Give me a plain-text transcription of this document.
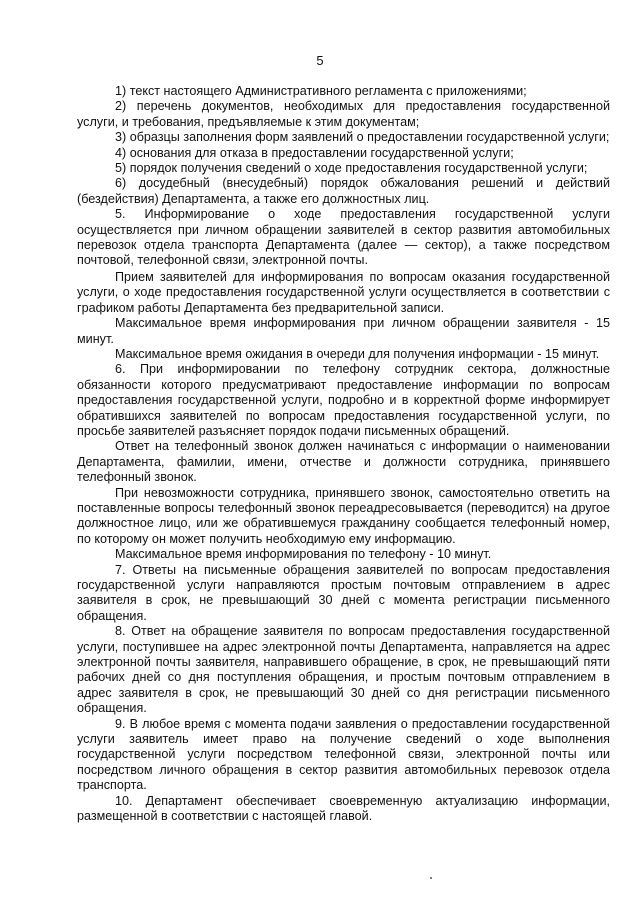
5

1) текст настоящего Административного регламента с приложениями;

2) перечень документов, необходимых для предоставления государственной услуги, и требования, предъявляемые к этим документам;

3) образцы заполнения форм заявлений о предоставлении государственной услуги;

4) основания для отказа в предоставлении государственной услуги;

5) порядок получения сведений о ходе предоставления государственной услуги;

6) досудебный (внесудебный) порядок обжалования решений и действий (бездействия) Департамента, а также его должностных лиц.

5. Информирование о ходе предоставления государственной услуги осуществляется при личном обращении заявителей в сектор развития автомобильных перевозок отдела транспорта Департамента (далее — сектор), а также посредством почтовой, телефонной связи, электронной почты.

Прием заявителей для информирования по вопросам оказания государственной услуги, о ходе предоставления государственной услуги осуществляется в соответствии с графиком работы Департамента без предварительной записи.

Максимальное время информирования при личном обращении заявителя - 15 минут.

Максимальное время ожидания в очереди для получения информации - 15 минут.

6. При информировании по телефону сотрудник сектора, должностные обязанности которого предусматривают предоставление информации по вопросам предоставления государственной услуги, подробно и в корректной форме информирует обратившихся заявителей по вопросам предоставления государственной услуги, по просьбе заявителей разъясняет порядок подачи письменных обращений.

Ответ на телефонный звонок должен начинаться с информации о наименовании Департамента, фамилии, имени, отчестве и должности сотрудника, принявшего телефонный звонок.

При невозможности сотрудника, принявшего звонок, самостоятельно ответить на поставленные вопросы телефонный звонок переадресовывается (переводится) на другое должностное лицо, или же обратившемуся гражданину сообщается телефонный номер, по которому он может получить необходимую ему информацию.

Максимальное время информирования по телефону - 10 минут.

7. Ответы на письменные обращения заявителей по вопросам предоставления государственной услуги направляются простым почтовым отправлением в адрес заявителя в срок, не превышающий 30 дней с момента регистрации письменного обращения.

8. Ответ на обращение заявителя по вопросам предоставления государственной услуги, поступившее на адрес электронной почты Департамента, направляется на адрес электронной почты заявителя, направившего обращение, в срок, не превышающий пяти рабочих дней со дня поступления обращения, и простым почтовым отправлением в адрес заявителя в срок, не превышающий 30 дней со дня регистрации письменного обращения.

9. В любое время с момента подачи заявления о предоставлении государственной услуги заявитель имеет право на получение сведений о ходе выполнения государственной услуги посредством телефонной связи, электронной почты или посредством личного обращения в сектор развития автомобильных перевозок отдела транспорта.

10. Департамент обеспечивает своевременную актуализацию информации, размещенной в соответствии с настоящей главой.
